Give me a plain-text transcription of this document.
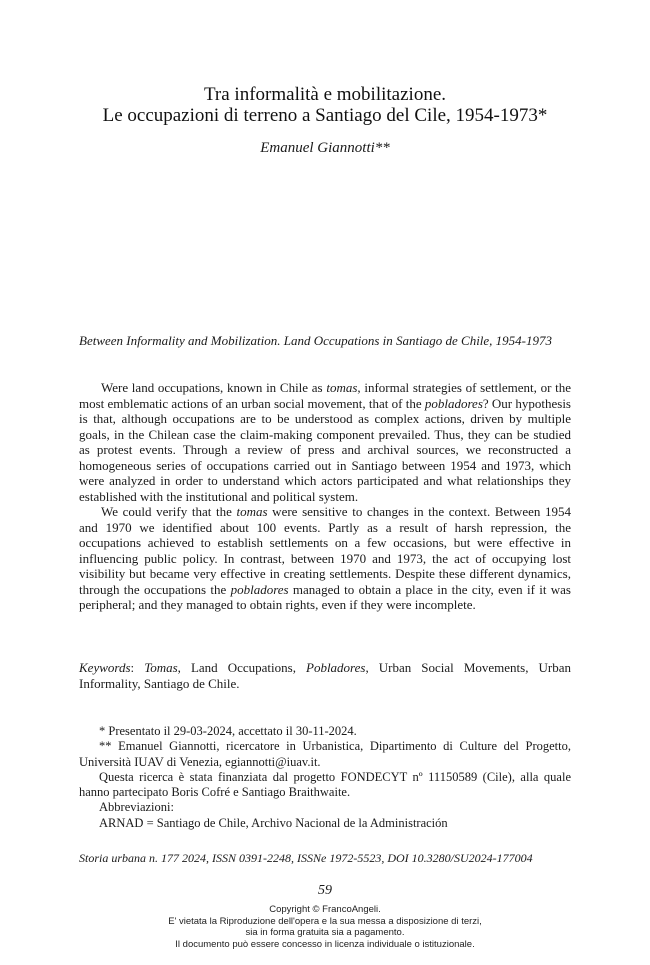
Tra informalità e mobilitazione.
Le occupazioni di terreno a Santiago del Cile, 1954-1973*
Emanuel Giannotti**
Between Informality and Mobilization. Land Occupations in Santiago de Chile, 1954-1973

Were land occupations, known in Chile as tomas, informal strategies of settlement, or the most emblematic actions of an urban social movement, that of the pobladores? Our hypothesis is that, although occupations are to be understood as complex actions, driven by multiple goals, in the Chilean case the claim-making component prevailed. Thus, they can be studied as protest events. Through a review of press and archival sources, we reconstructed a homogeneous series of occupations carried out in Santiago between 1954 and 1973, which were analyzed in order to understand which actors participated and what relationships they established with the institutional and political system.

We could verify that the tomas were sensitive to changes in the context. Between 1954 and 1970 we identified about 100 events. Partly as a result of harsh repression, the occupations achieved to establish settlements on a few occasions, but were effective in influencing public policy. In contrast, between 1970 and 1973, the act of occupying lost visibility but became very effective in creating settlements. Despite these different dynamics, through the occupations the pobladores managed to obtain a place in the city, even if it was peripheral; and they managed to obtain rights, even if they were incomplete.

Keywords: Tomas, Land Occupations, Pobladores, Urban Social Movements, Urban Informality, Santiago de Chile.

* Presentato il 29-03-2024, accettato il 30-11-2024.

** Emanuel Giannotti, ricercatore in Urbanistica, Dipartimento di Culture del Progetto, Università IUAV di Venezia, egiannotti@iuav.it.

Questa ricerca è stata finanziata dal progetto FONDECYT nº 11150589 (Cile), alla quale hanno partecipato Boris Cofré e Santiago Braithwaite.

Abbreviazioni:

ARNAD = Santiago de Chile, Archivo Nacional de la Administración

Storia urbana n. 177 2024, ISSN 0391-2248, ISSNe 1972-5523, DOI 10.3280/SU2024-177004
59
Copyright © FrancoAngeli.
E' vietata la Riproduzione dell'opera e la sua messa a disposizione di terzi,
sia in forma gratuita sia a pagamento.
Il documento può essere concesso in licenza individuale o istituzionale.
